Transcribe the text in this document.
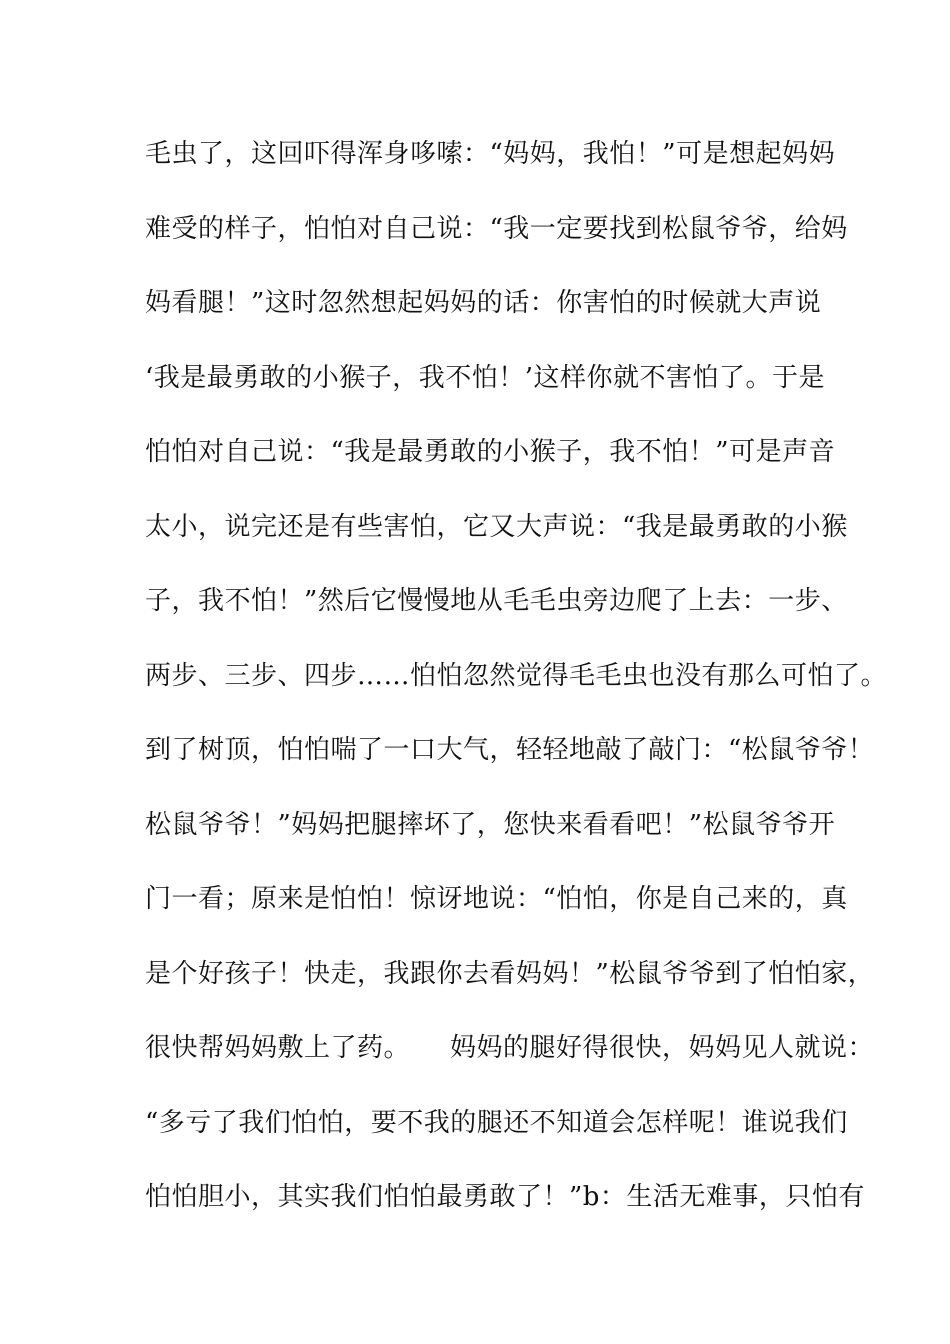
毛虫了，这回吓得浑身哆嗦：“妈妈，我怕！”可是想起妈妈
难受的样子，怕怕对自己说：“我一定要找到松鼠爷爷，给妈
妈看腿！”这时忽然想起妈妈的话：你害怕的时候就大声说
‘我是最勇敢的小猴子，我不怕！’这样你就不害怕了。于是
怕怕对自己说：“我是最勇敢的小猴子，我不怕！”可是声音
太小，说完还是有些害怕，它又大声说：“我是最勇敢的小猴
子，我不怕！”然后它慢慢地从毛毛虫旁边爬了上去：一步、
两步、三步、四步……怕怕忽然觉得毛毛虫也没有那么可怕了。
到了树顶，怕怕喘了一口大气，轻轻地敲了敲门：“松鼠爷爷！
松鼠爷爷！”妈妈把腿摔坏了，您快来看看吧！”松鼠爷爷开
门一看；原来是怕怕！惊讶地说：“怕怕，你是自己来的，真
是个好孩子！快走，我跟你去看妈妈！”松鼠爷爷到了怕怕家，
很快帮妈妈敷上了药。　　妈妈的腿好得很快，妈妈见人就说：
“多亏了我们怕怕，要不我的腿还不知道会怎样呢！谁说我们
怕怕胆小，其实我们怕怕最勇敢了！”b：生活无难事，只怕有
